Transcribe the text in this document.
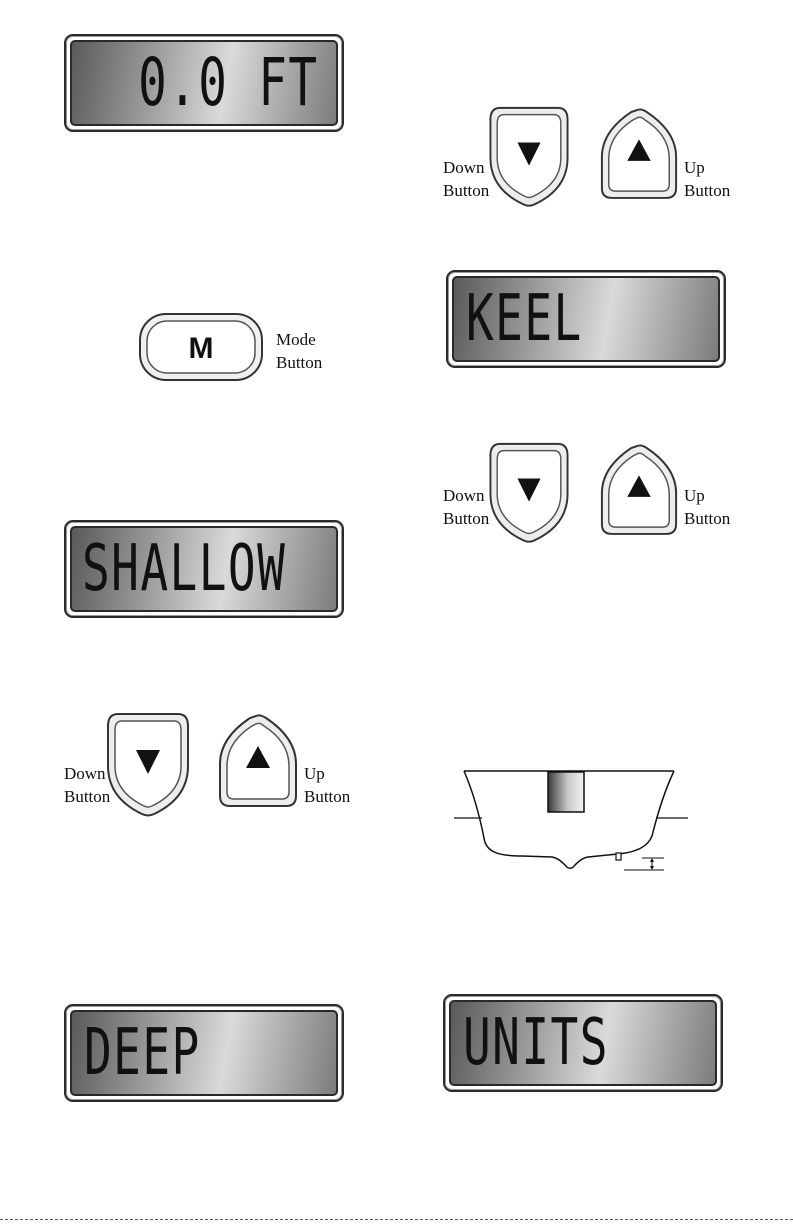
0.0 FT
M	Mode
Button
SHALLOW
Down
Button
Up
Button
DEEP
Down
Button
Up
Button
KEEL
Down
Button
Up
Button
UNITS
